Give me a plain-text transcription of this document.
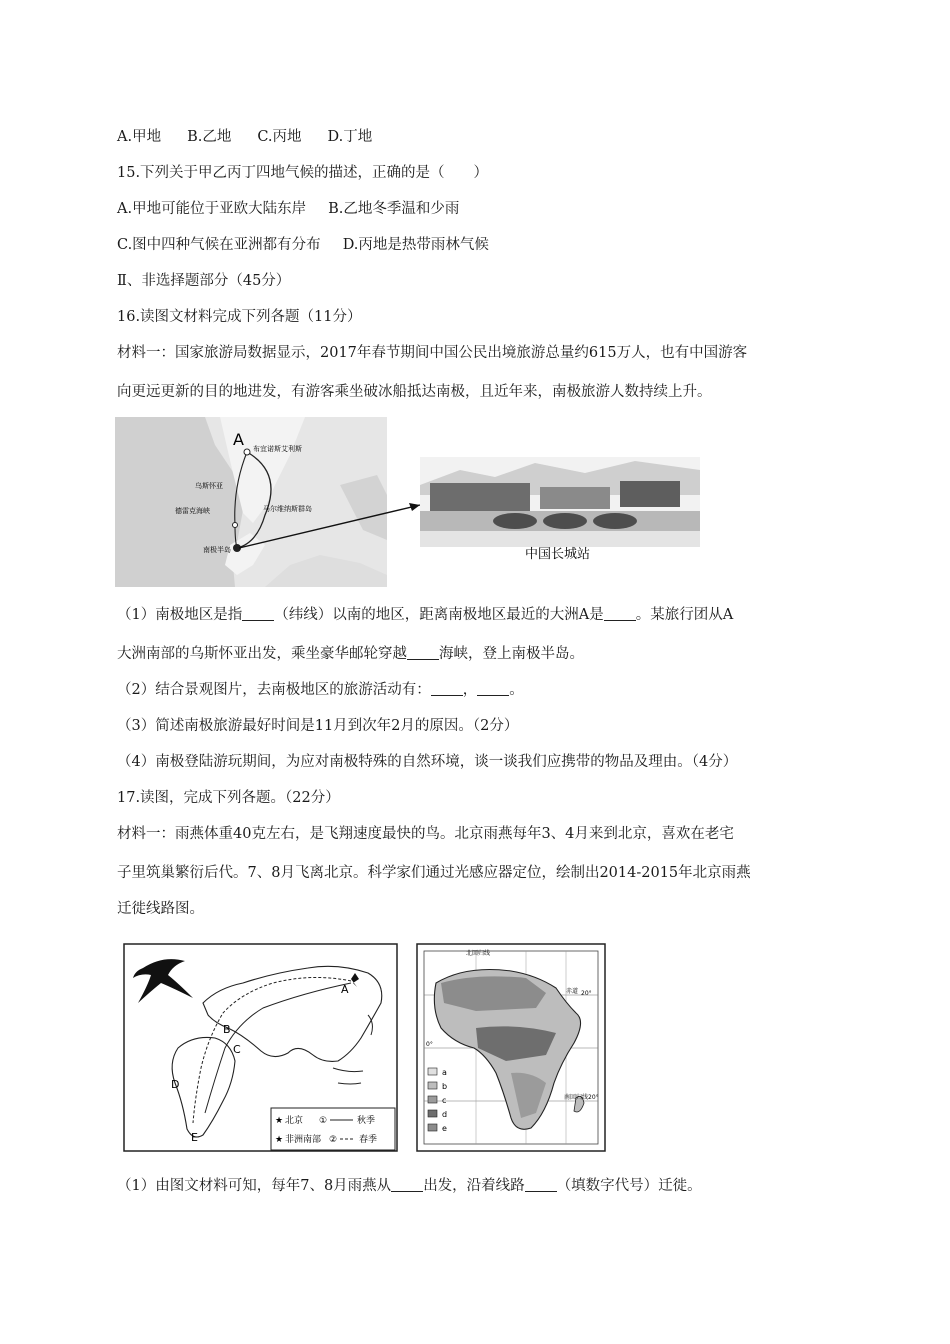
A.甲地 B.乙地 C.丙地 D.丁地
15.下列关于甲乙丙丁四地气候的描述，正确的是（　　）
A.甲地可能位于亚欧大陆东岸 B.乙地冬季温和少雨
C.图中四种气候在亚洲都有分布 D.丙地是热带雨林气候
Ⅱ、非选择题部分（45分）
16.读图文材料完成下列各题（11分）
材料一：国家旅游局数据显示，2017年春节期间中国公民出境旅游总量约615万人，也有中国游客
向更远更新的目的地进发，有游客乘坐破冰船抵达南极，且近年来，南极旅游人数持续上升。
A 布宜诺斯艾利斯
乌斯怀亚
德雷克海峡	马尔维纳斯群岛
南极半岛	中国长城站
（1）南极地区是指 （纬线）以南的地区，距离南极地区最近的大洲A是 。某旅行团从A
大洲南部的乌斯怀亚出发，乘坐豪华邮轮穿越 海峡，登上南极半岛。
（2）结合景观图片，去南极地区的旅游活动有： ， 。
（3）简述南极旅游最好时间是11月到次年2月的原因。（2分）
（4）南极登陆游玩期间，为应对南极特殊的自然环境，谈一谈我们应携带的物品及理由。（4分）
17.读图，完成下列各题。（22分）
材料一：雨燕体重40克左右，是飞翔速度最快的鸟。北京雨燕每年3、4月来到北京，喜欢在老宅
子里筑巢繁衍后代。7、8月飞离北京。科学家们通过光感应器定位，绘制出2014-2015年北京雨燕
迁徙线路图。
A
B
C
D
E
★ 北京 ①	秋季
★ 非洲南部 ② 春季
北回归线
赤道 20°
0°
南回归线 20°
a
b
c
d
e
（1）由图文材料可知，每年7、8月雨燕从 出发，沿着线路 （填数字代号）迁徙。
